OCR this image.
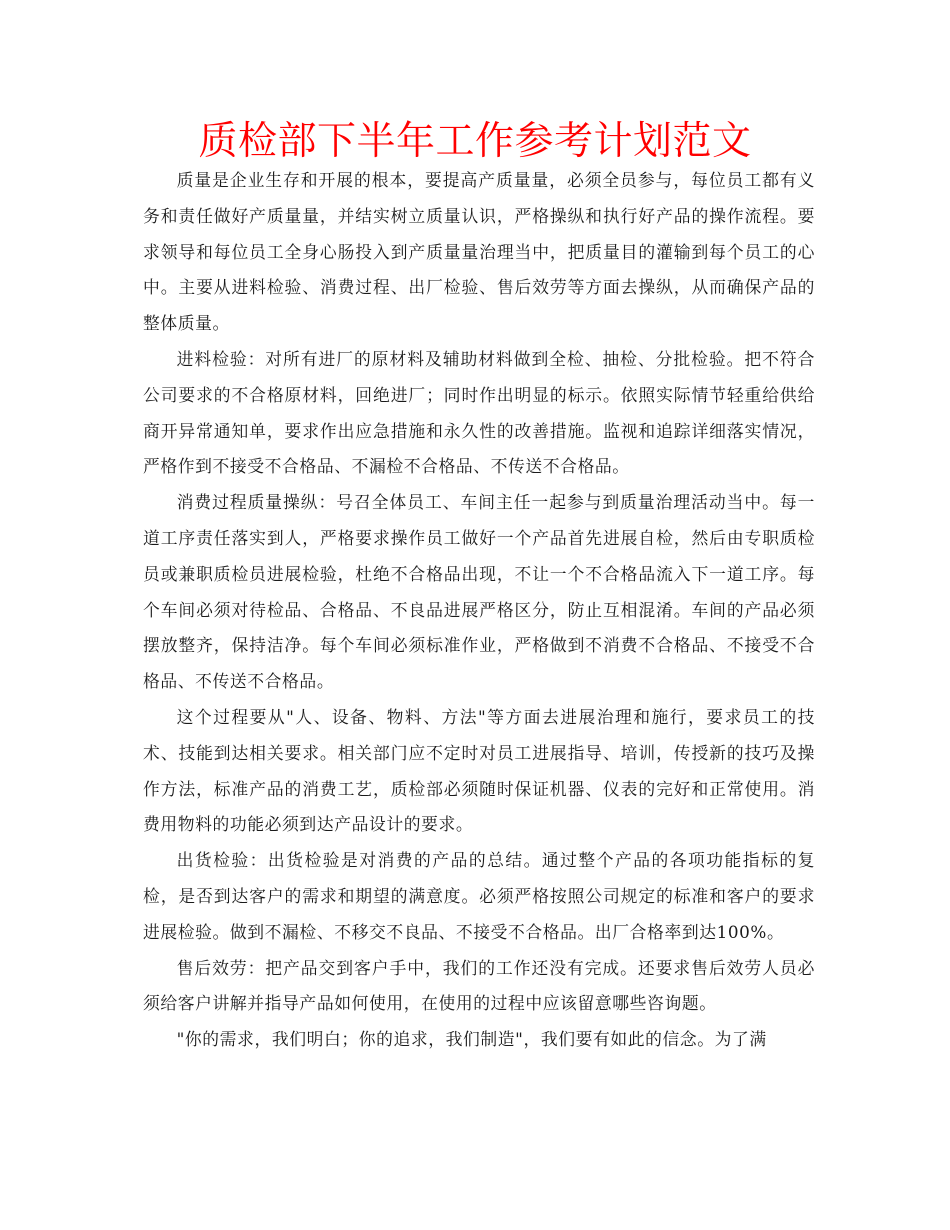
质检部下半年工作参考计划范文

质量是企业生存和开展的根本，要提高产质量量，必须全员参与，每位员工都有义务和责任做好产质量量，并结实树立质量认识，严格操纵和执行好产品的操作流程。要求领导和每位员工全身心肠投入到产质量量治理当中，把质量目的灌输到每个员工的心中。主要从进料检验、消费过程、出厂检验、售后效劳等方面去操纵，从而确保产品的整体质量。

进料检验：对所有进厂的原材料及辅助材料做到全检、抽检、分批检验。把不符合公司要求的不合格原材料，回绝进厂；同时作出明显的标示。依照实际情节轻重给供给商开异常通知单，要求作出应急措施和永久性的改善措施。监视和追踪详细落实情况，严格作到不接受不合格品、不漏检不合格品、不传送不合格品。

消费过程质量操纵：号召全体员工、车间主任一起参与到质量治理活动当中。每一道工序责任落实到人，严格要求操作员工做好一个产品首先进展自检，然后由专职质检员或兼职质检员进展检验，杜绝不合格品出现，不让一个不合格品流入下一道工序。每个车间必须对待检品、合格品、不良品进展严格区分，防止互相混淆。车间的产品必须摆放整齐，保持洁净。每个车间必须标准作业，严格做到不消费不合格品、不接受不合格品、不传送不合格品。

这个过程要从"人、设备、物料、方法"等方面去进展治理和施行，要求员工的技术、技能到达相关要求。相关部门应不定时对员工进展指导、培训，传授新的技巧及操作方法，标准产品的消费工艺，质检部必须随时保证机器、仪表的完好和正常使用。消费用物料的功能必须到达产品设计的要求。

出货检验：出货检验是对消费的产品的总结。通过整个产品的各项功能指标的复检，是否到达客户的需求和期望的满意度。必须严格按照公司规定的标准和客户的要求进展检验。做到不漏检、不移交不良品、不接受不合格品。出厂合格率到达100%。

售后效劳：把产品交到客户手中，我们的工作还没有完成。还要求售后效劳人员必须给客户讲解并指导产品如何使用，在使用的过程中应该留意哪些咨询题。

"你的需求，我们明白；你的追求，我们制造"，我们要有如此的信念。为了满
